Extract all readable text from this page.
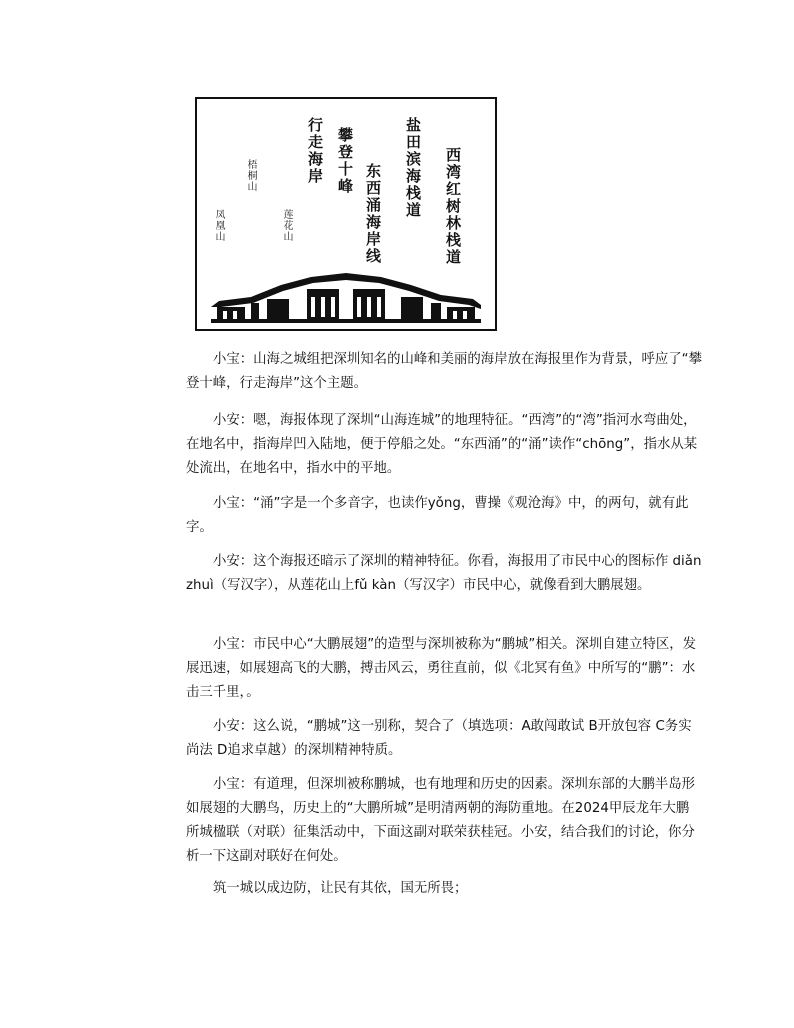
西湾红树林栈道
盐田滨海栈道
东西涌海岸线
攀登十峰
行走海岸
梧桐山
莲花山
凤凰山

小宝：山海之城组把深圳知名的山峰和美丽的海岸放在海报里作为背景，呼应了“攀登十峰，行走海岸”这个主题。

小安：嗯，海报体现了深圳“山海连城”的地理特征。“西湾”的“湾”指河水弯曲处，在地名中，指海岸凹入陆地，便于停船之处。“东西涌”的“涌”读作“chōng”，指水从某处流出，在地名中，指水中的平地。

小宝：“涌”字是一个多音字，也读作yǒng，曹操《观沧海》中，的两句，就有此字。

小安：这个海报还暗示了深圳的精神特征。你看，海报用了市民中心的图标作 diǎn zhuì（写汉字），从莲花山上fǔ kàn（写汉字）市民中心，就像看到大鹏展翅。

小宝：市民中心“大鹏展翅”的造型与深圳被称为“鹏城”相关。深圳自建立特区，发展迅速，如展翅高飞的大鹏，搏击风云，勇往直前，似《北冥有鱼》中所写的“鹏”：水击三千里，。

小安：这么说，“鹏城”这一别称，契合了（填选项：A敢闯敢试 B开放包容 C务实尚法 D追求卓越）的深圳精神特质。

小宝：有道理，但深圳被称鹏城，也有地理和历史的因素。深圳东部的大鹏半岛形如展翅的大鹏鸟，历史上的“大鹏所城”是明清两朝的海防重地。在2024甲辰龙年大鹏所城楹联（对联）征集活动中，下面这副对联荣获桂冠。小安，结合我们的讨论，你分析一下这副对联好在何处。

筑一城以成边防，让民有其依，国无所畏；
